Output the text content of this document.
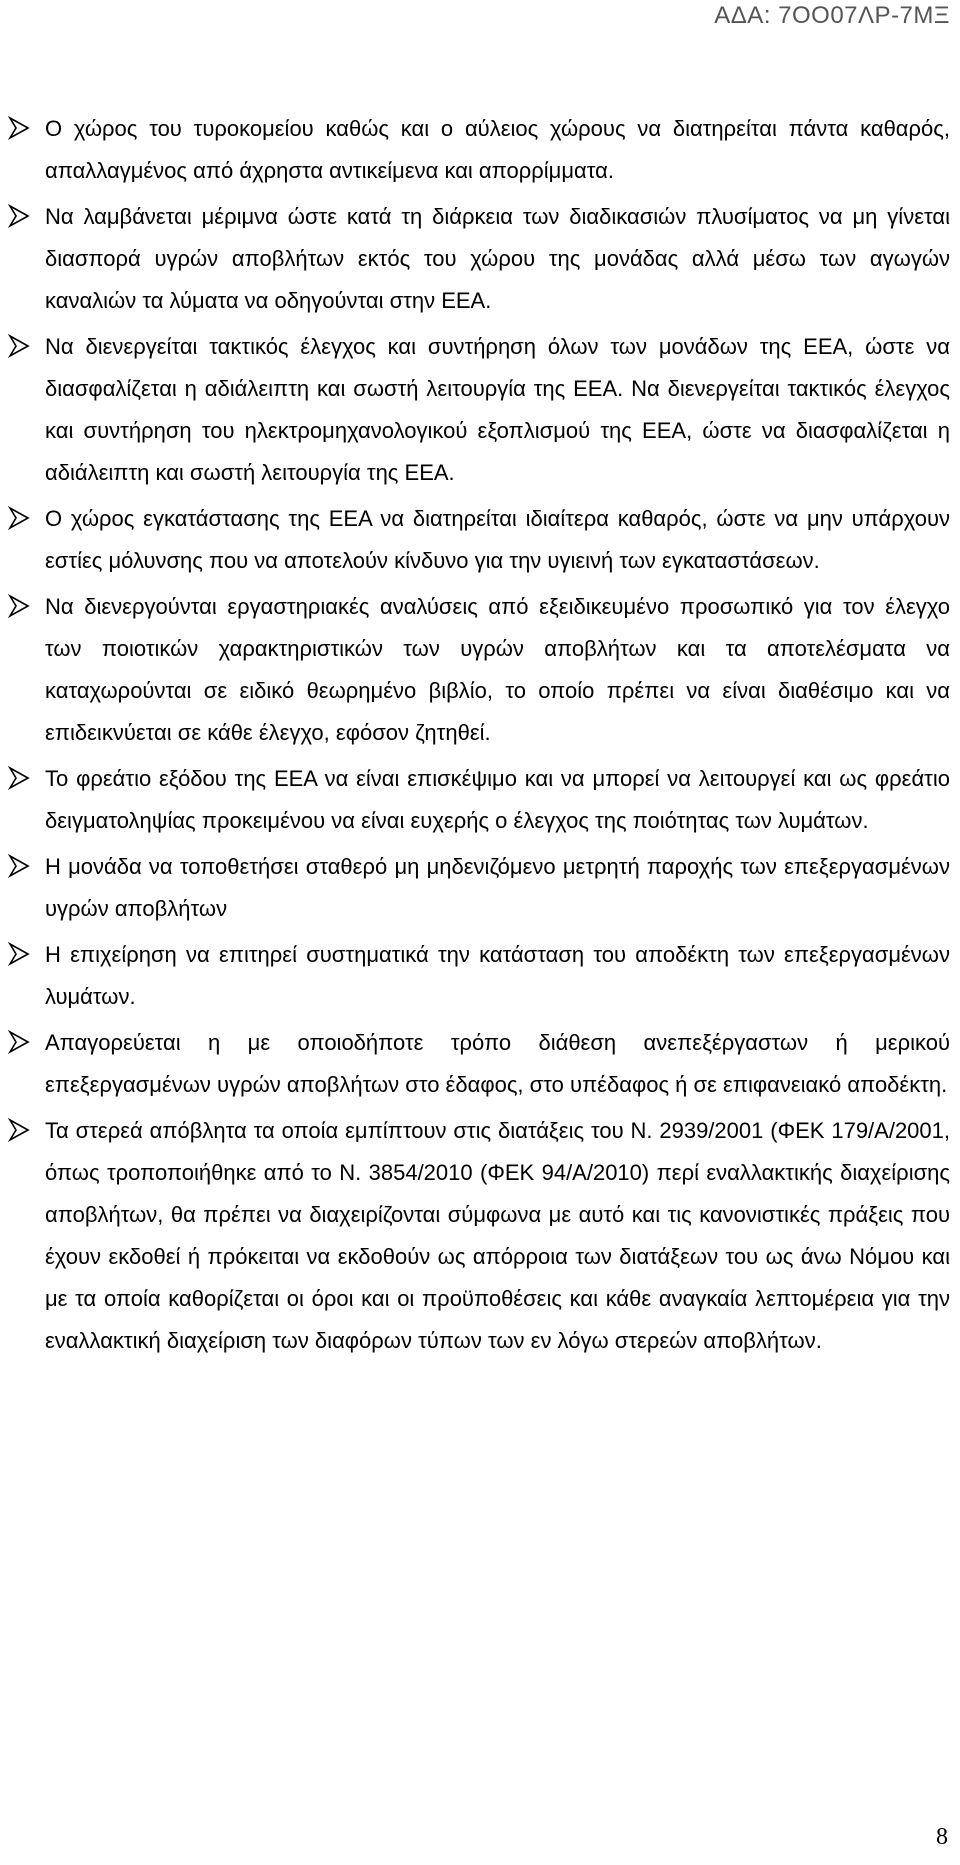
ΑΔΑ: 7ΟΟ07ΛΡ-7ΜΞ

Ο χώρος του τυροκομείου καθώς και ο αύλειος χώρους να διατηρείται πάντα καθαρός, απαλλαγμένος από άχρηστα αντικείμενα και απορρίμματα.

Να λαμβάνεται μέριμνα ώστε κατά τη διάρκεια των διαδικασιών πλυσίματος να μη γίνεται διασπορά υγρών αποβλήτων εκτός του χώρου της μονάδας αλλά μέσω των αγωγών καναλιών τα λύματα να οδηγούνται στην ΕΕΑ.

Να διενεργείται τακτικός έλεγχος και συντήρηση όλων των μονάδων της ΕΕΑ, ώστε να διασφαλίζεται η αδιάλειπτη και σωστή λειτουργία της ΕΕΑ. Να διενεργείται τακτικός έλεγχος και συντήρηση του ηλεκτρομηχανολογικού εξοπλισμού της ΕΕΑ, ώστε να διασφαλίζεται η αδιάλειπτη και σωστή λειτουργία της ΕΕΑ.

Ο χώρος εγκατάστασης της ΕΕΑ να διατηρείται ιδιαίτερα καθαρός, ώστε να μην υπάρχουν εστίες μόλυνσης που να αποτελούν κίνδυνο για την υγιεινή των εγκαταστάσεων.

Να διενεργούνται εργαστηριακές αναλύσεις από εξειδικευμένο προσωπικό για τον έλεγχο των ποιοτικών χαρακτηριστικών των υγρών αποβλήτων και τα αποτελέσματα να καταχωρούνται σε ειδικό θεωρημένο βιβλίο, το οποίο πρέπει να είναι διαθέσιμο και να επιδεικνύεται σε κάθε έλεγχο, εφόσον ζητηθεί.

Το φρεάτιο εξόδου της ΕΕΑ να είναι επισκέψιμο και να μπορεί να λειτουργεί και ως φρεάτιο δειγματοληψίας προκειμένου να είναι ευχερής ο έλεγχος της ποιότητας των λυμάτων.

Η μονάδα να τοποθετήσει σταθερό μη μηδενιζόμενο μετρητή παροχής των επεξεργασμένων υγρών αποβλήτων

Η επιχείρηση να επιτηρεί συστηματικά την κατάσταση του αποδέκτη των επεξεργασμένων λυμάτων.

Απαγορεύεται η με οποιοδήποτε τρόπο διάθεση ανεπεξέργαστων ή μερικού επεξεργασμένων υγρών αποβλήτων στο έδαφος, στο υπέδαφος ή σε επιφανειακό αποδέκτη.

Τα στερεά απόβλητα τα οποία εμπίπτουν στις διατάξεις του Ν. 2939/2001 (ΦΕΚ 179/Α/2001, όπως τροποποιήθηκε από το Ν. 3854/2010 (ΦΕΚ 94/Α/2010) περί εναλλακτικής διαχείρισης αποβλήτων, θα πρέπει να διαχειρίζονται σύμφωνα με αυτό και τις κανονιστικές πράξεις που έχουν εκδοθεί ή πρόκειται να εκδοθούν ως απόρροια των διατάξεων του ως άνω Νόμου και με τα οποία καθορίζεται οι όροι και οι προϋποθέσεις και κάθε αναγκαία λεπτομέρεια για την εναλλακτική διαχείριση των διαφόρων τύπων των εν λόγω στερεών αποβλήτων.

8
